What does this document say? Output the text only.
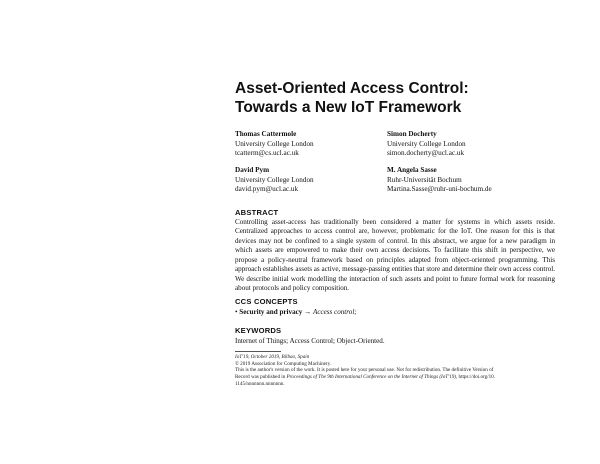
Asset-Oriented Access Control:
Towards a New IoT Framework
Thomas Cattermole
University College London
tcatterm@cs.ucl.ac.uk
Simon Docherty
University College London
simon.docherty@ucl.ac.uk
David Pym
University College London
david.pym@ucl.ac.uk
M. Angela Sasse
Ruhr-Universität Bochum
Martina.Sasse@ruhr-uni-bochum.de
ABSTRACT
Controlling asset-access has traditionally been considered a matter for systems in which assets reside. Centralized approaches to access control are, however, problematic for the IoT. One reason for this is that devices may not be confined to a single system of control. In this abstract, we argue for a new paradigm in which assets are empowered to make their own access decisions. To facilitate this shift in perspective, we propose a policy-neutral framework based on principles adapted from object-oriented programming. This approach establishes assets as active, message-passing entities that store and determine their own access control. We describe initial work modelling the interaction of such assets and point to future formal work for reasoning about protocols and policy composition.
CCS CONCEPTS
• Security and privacy → Access control;
KEYWORDS
Internet of Things; Access Control; Object-Oriented.
IoT'19, October 2019, Bilbao, Spain
© 2019 Association for Computing Machinery.
This is the author's version of the work. It is posted here for your personal use. Not for redistribution. The definitive Version of
Record was published in Proceedings of The 9th International Conference on the Internet of Things (IoT'19), https://doi.org/10.
1145/nnnnnnn.nnnnnnn.
